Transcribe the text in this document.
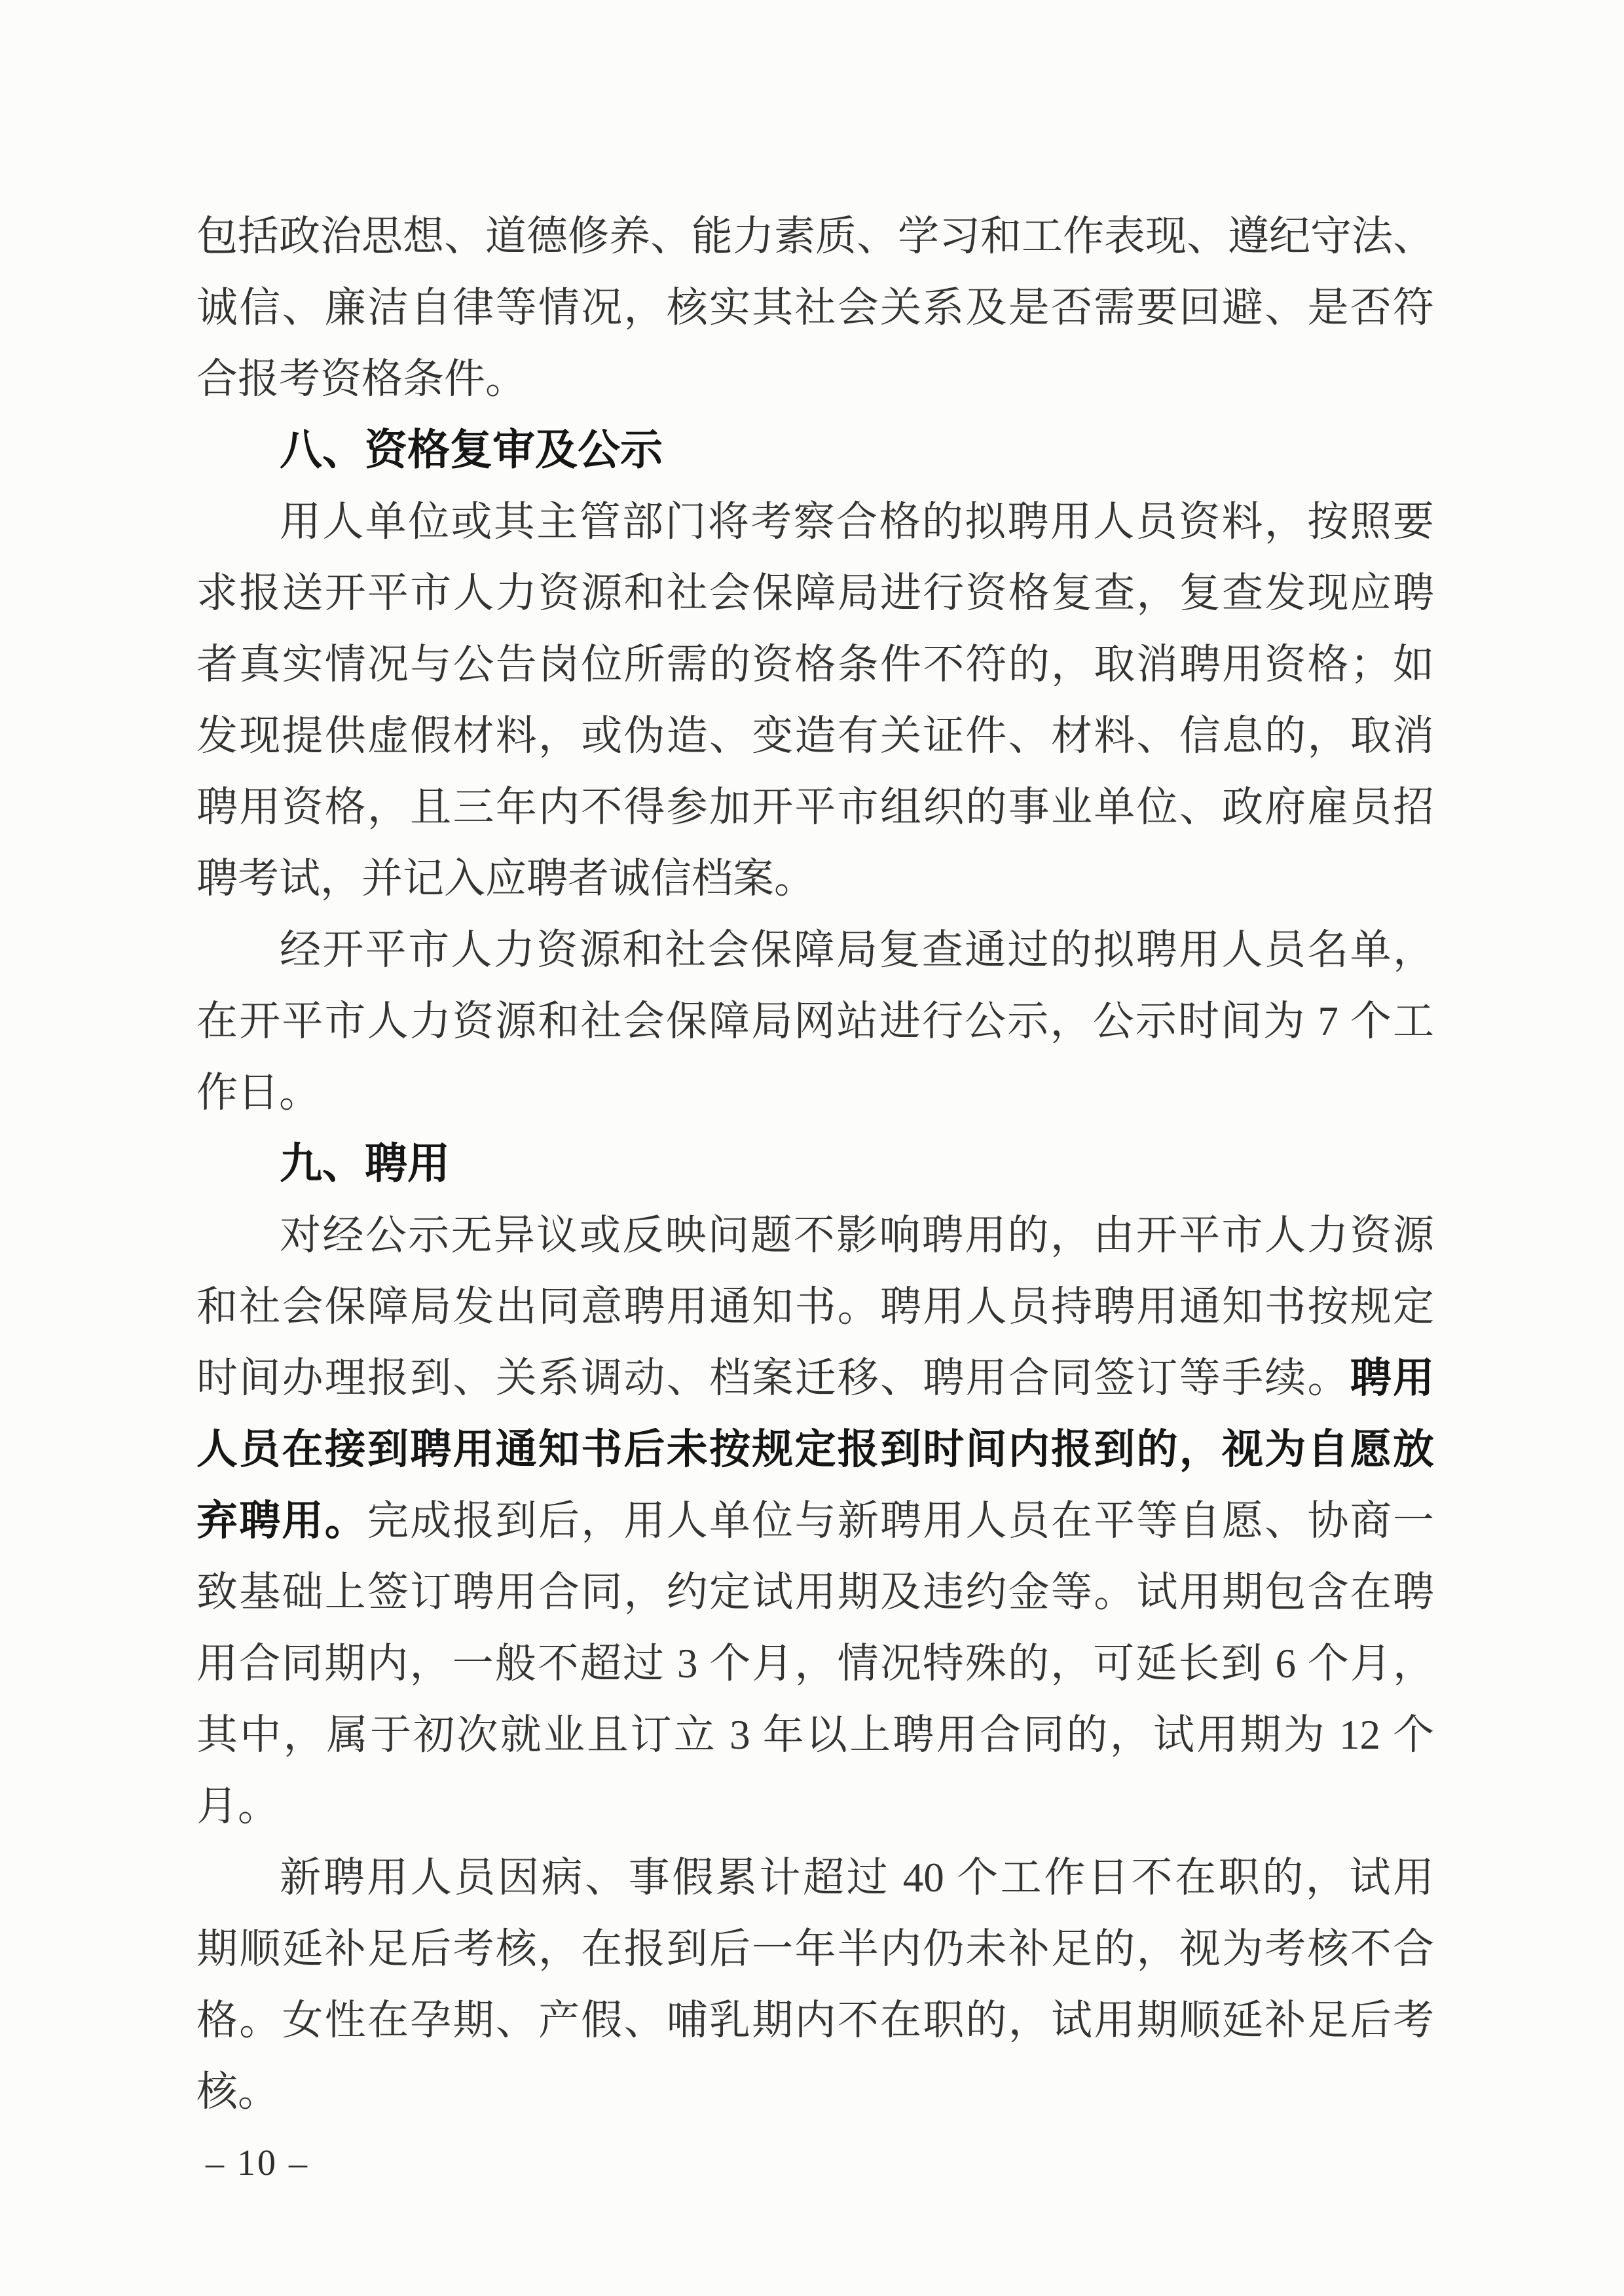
包括政治思想、道德修养、能力素质、学习和工作表现、遵纪守法、
诚信、廉洁自律等情况，核实其社会关系及是否需要回避、是否符
合报考资格条件。
八、资格复审及公示
用人单位或其主管部门将考察合格的拟聘用人员资料，按照要
求报送开平市人力资源和社会保障局进行资格复查，复查发现应聘
者真实情况与公告岗位所需的资格条件不符的，取消聘用资格；如
发现提供虚假材料，或伪造、变造有关证件、材料、信息的，取消
聘用资格，且三年内不得参加开平市组织的事业单位、政府雇员招
聘考试，并记入应聘者诚信档案。
经开平市人力资源和社会保障局复查通过的拟聘用人员名单，
在开平市人力资源和社会保障局网站进行公示，公示时间为 7 个工
作日。
九、聘用
对经公示无异议或反映问题不影响聘用的，由开平市人力资源
和社会保障局发出同意聘用通知书。聘用人员持聘用通知书按规定
时间办理报到、关系调动、档案迁移、聘用合同签订等手续。聘用
人员在接到聘用通知书后未按规定报到时间内报到的，视为自愿放
弃聘用。完成报到后，用人单位与新聘用人员在平等自愿、协商一
致基础上签订聘用合同，约定试用期及违约金等。试用期包含在聘
用合同期内，一般不超过 3 个月，情况特殊的，可延长到 6 个月，
其中，属于初次就业且订立 3 年以上聘用合同的，试用期为 12 个
月。
新聘用人员因病、事假累计超过 40 个工作日不在职的，试用
期顺延补足后考核，在报到后一年半内仍未补足的，视为考核不合
格。女性在孕期、产假、哺乳期内不在职的，试用期顺延补足后考
核。
– 10 –
